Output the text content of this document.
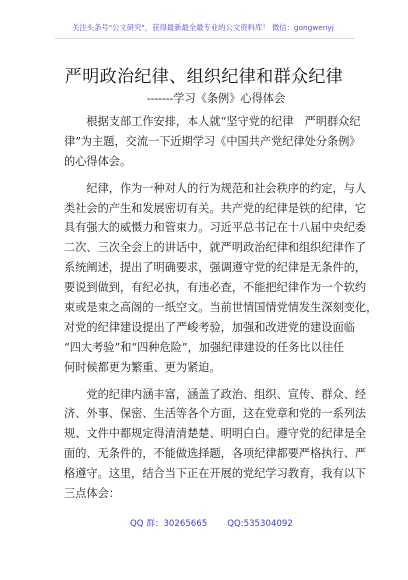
关注头条号"公文研究"，获得最新最全最专业的公文资料库！ 微信：gongwenyj
严明政治纪律、组织纪律和群众纪律
-------学习《条例》心得体会
　　根据支部工作安排，本人就“坚守党的纪律　严明群众纪
律”为主题，交流一下近期学习《中国共产党纪律处分条例》
的心得体会。
　　纪律，作为一种对人的行为规范和社会秩序的约定，与人
类社会的产生和发展密切有关。共产党的纪律是铁的纪律，它
具有强大的威慑力和管束力。习近平总书记在十八届中央纪委
二次、三次全会上的讲话中，就严明政治纪律和组织纪律作了
系统阐述，提出了明确要求，强调遵守党的纪律是无条件的，
要说到做到，有纪必执，有违必查，不能把纪律作为一个软约
束或是束之高阁的一纸空文。当前世情国情党情发生深刻变化，
对党的纪律建设提出了严峻考验，加强和改进党的建设面临
“四大考验”和“四种危险”，加强纪律建设的任务比以往任
何时候都更为繁重、更为紧迫。
　　党的纪律内涵丰富，涵盖了政治、组织、宣传、群众、经
济、外事、保密、生活等各个方面，这在党章和党的一系列法
规、文件中都规定得清清楚楚、明明白白。遵守党的纪律是全
面的、无条件的，不能做选择题，各项纪律都要严格执行、严
格遵守。这里，结合当下正在开展的党纪学习教育，我有以下
三点体会：
QQ 群：30265665 QQ:535304092
